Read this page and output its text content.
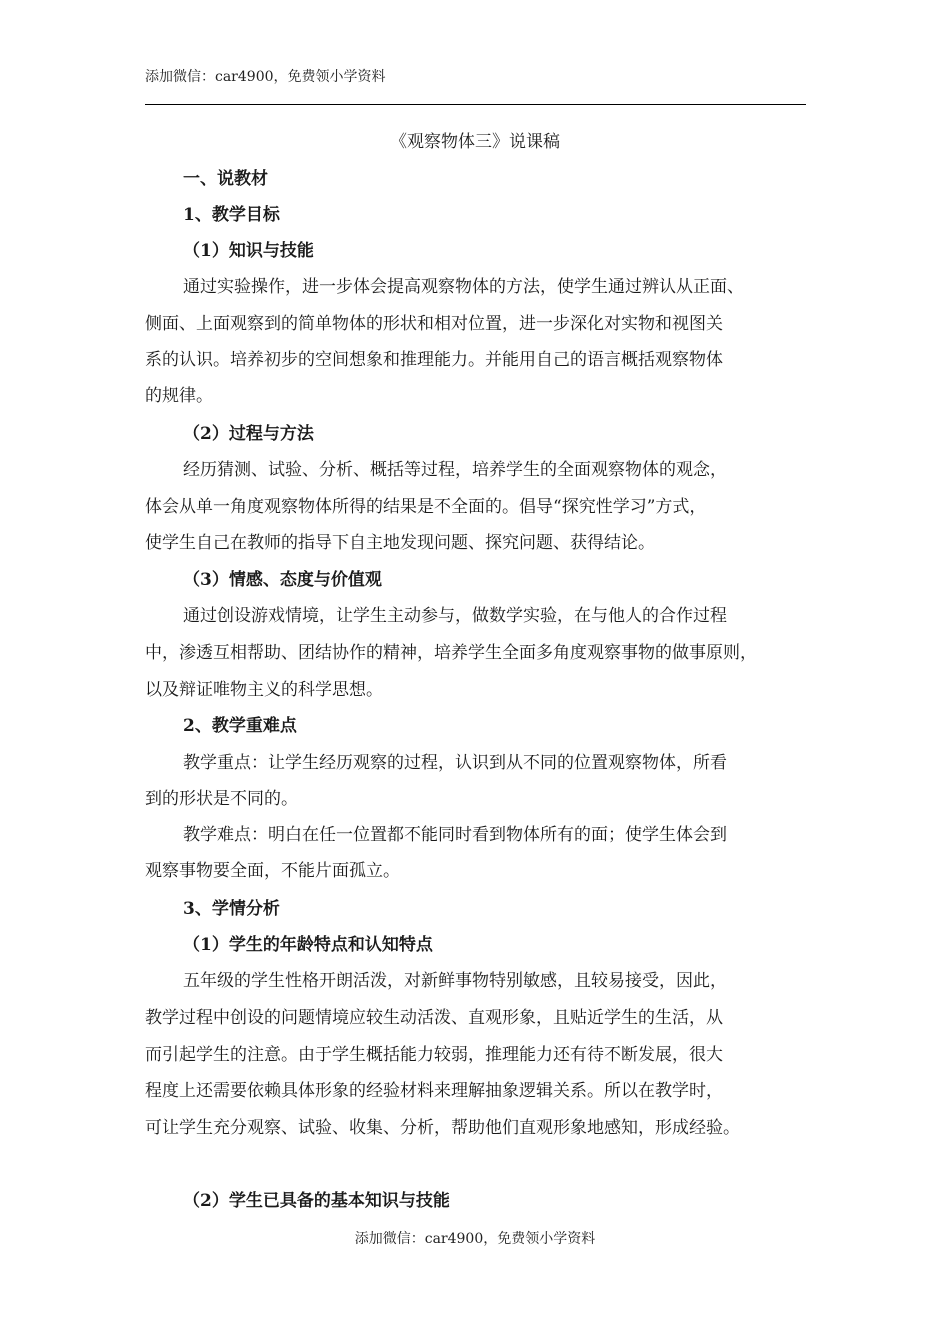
添加微信：car4900，免费领小学资料
《观察物体三》说课稿
一、说教材
1、教学目标
（1）知识与技能
通过实验操作，进一步体会提高观察物体的方法，使学生通过辨认从正面、
侧面、上面观察到的简单物体的形状和相对位置，进一步深化对实物和视图关
系的认识。培养初步的空间想象和推理能力。并能用自己的语言概括观察物体
的规律。
（2）过程与方法
经历猜测、试验、分析、概括等过程，培养学生的全面观察物体的观念，
体会从单一角度观察物体所得的结果是不全面的。倡导“探究性学习”方式，
使学生自己在教师的指导下自主地发现问题、探究问题、获得结论。
（3）情感、态度与价值观
通过创设游戏情境，让学生主动参与，做数学实验，在与他人的合作过程
中，渗透互相帮助、团结协作的精神，培养学生全面多角度观察事物的做事原则，
以及辩证唯物主义的科学思想。
2、教学重难点
教学重点：让学生经历观察的过程，认识到从不同的位置观察物体，所看
到的形状是不同的。
教学难点：明白在任一位置都不能同时看到物体所有的面；使学生体会到
观察事物要全面，不能片面孤立。
3、学情分析
（1）学生的年龄特点和认知特点
五年级的学生性格开朗活泼，对新鲜事物特别敏感，且较易接受，因此，
教学过程中创设的问题情境应较生动活泼、直观形象，且贴近学生的生活，从
而引起学生的注意。由于学生概括能力较弱，推理能力还有待不断发展，很大
程度上还需要依赖具体形象的经验材料来理解抽象逻辑关系。所以在教学时，
可让学生充分观察、试验、收集、分析，帮助他们直观形象地感知，形成经验。
（2）学生已具备的基本知识与技能
添加微信：car4900，免费领小学资料
